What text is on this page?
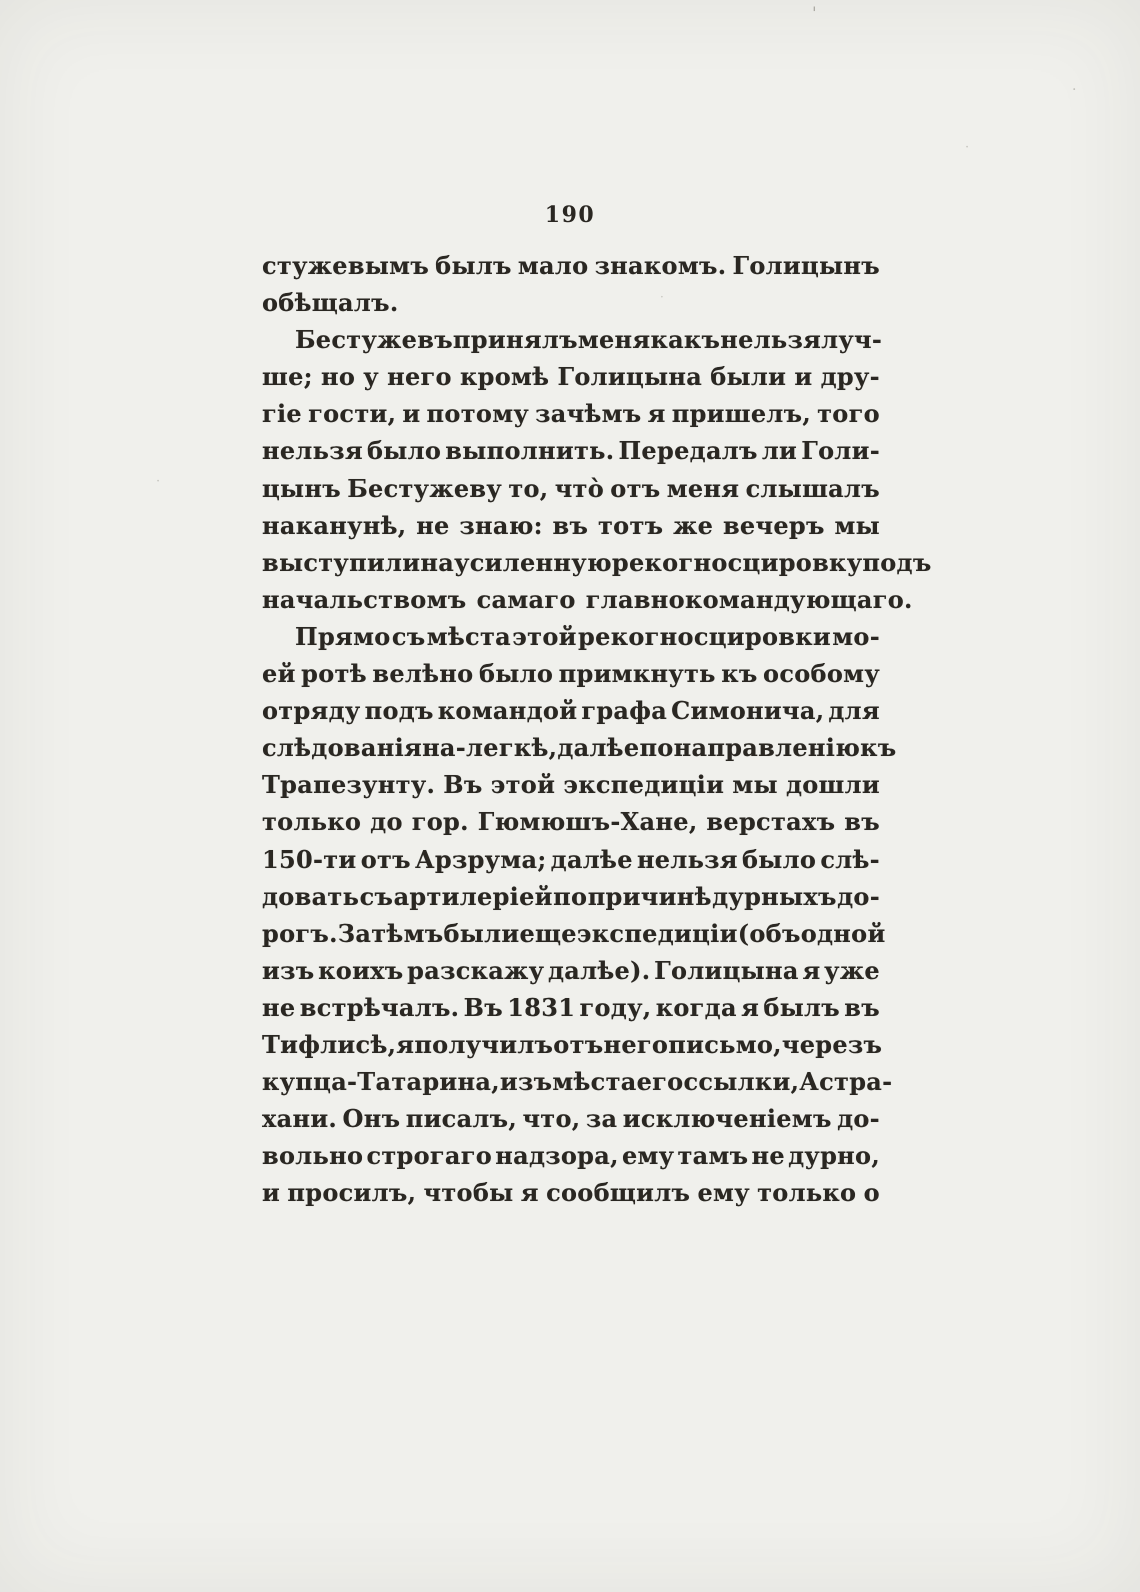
190
стужевымъ былъ мало знакомъ. Голицынъ
обѣщалъ.
Бестужевъ принялъ меня какъ нельзя луч-
ше; но у него кромѣ Голицына были и дру-
гіе гости, и потому зачѣмъ я пришелъ, того
нельзя было выполнить. Передалъ ли Голи-
цынъ Бестужеву то, что̀ отъ меня слышалъ
наканунѣ, не знаю: въ тотъ же вечеръ мы
выступили на усиленную рекогносцировку подъ
начальствомъ самаго главнокомандующаго.
Прямо съ мѣста этой рекогносцировки мо-
ей ротѣ велѣно было примкнуть къ особому
отряду подъ командой графа Симонича, для
слѣдованія на-легкѣ, далѣе по направленію къ
Трапезунту. Въ этой экспедиціи мы дошли
только до гор. Гюмюшъ-Хане, верстахъ въ
150-ти отъ Арзрума; далѣе нельзя было слѣ-
довать съ артилеріей по причинѣ дурныхъ до-
рогъ. Затѣмъ были еще экспедиціи (объ одной
изъ коихъ разскажу далѣе). Голицына я уже
не встрѣчалъ. Въ 1831 году, когда я былъ въ
Тифлисѣ, я получилъ отъ него письмо, черезъ
купца-Татарина, изъ мѣста его ссылки, Астра-
хани. Онъ писалъ, что, за исключеніемъ до-
вольно строгаго надзора, ему тамъ не дурно,
и просилъ, чтобы я сообщилъ ему только о
'
·
·
·
·
